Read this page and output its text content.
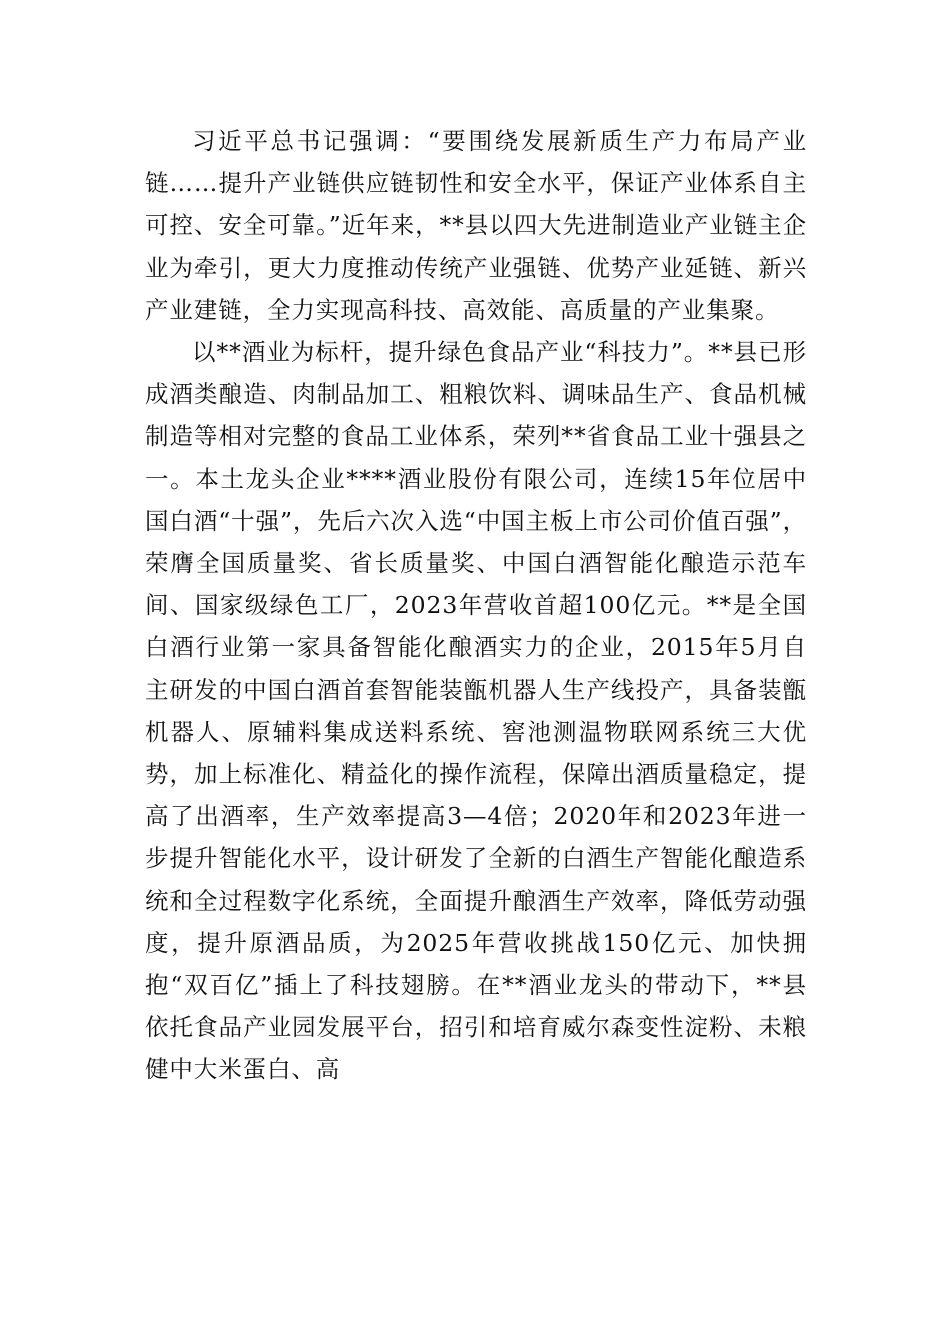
习近平总书记强调：“要围绕发展新质生产力布局产业链……提升产业链供应链韧性和安全水平，保证产业体系自主可控、安全可靠。”近年来，**县以四大先进制造业产业链主企业为牵引，更大力度推动传统产业强链、优势产业延链、新兴产业建链，全力实现高科技、高效能、高质量的产业集聚。

以**酒业为标杆，提升绿色食品产业“科技力”。**县已形成酒类酿造、肉制品加工、粗粮饮料、调味品生产、食品机械制造等相对完整的食品工业体系，荣列**省食品工业十强县之一。本土龙头企业****酒业股份有限公司，连续15年位居中国白酒“十强”，先后六次入选“中国主板上市公司价值百强”，荣膺全国质量奖、省长质量奖、中国白酒智能化酿造示范车间、国家级绿色工厂，2023年营收首超100亿元。**是全国白酒行业第一家具备智能化酿酒实力的企业，2015年5月自主研发的中国白酒首套智能装甑机器人生产线投产，具备装甑机器人、原辅料集成送料系统、窖池测温物联网系统三大优势，加上标准化、精益化的操作流程，保障出酒质量稳定，提高了出酒率，生产效率提高3—4倍；2020年和2023年进一步提升智能化水平，设计研发了全新的白酒生产智能化酿造系统和全过程数字化系统，全面提升酿酒生产效率，降低劳动强度，提升原酒品质，为2025年营收挑战150亿元、加快拥抱“双百亿”插上了科技翅膀。在**酒业龙头的带动下，**县依托食品产业园发展平台，招引和培育威尔森变性淀粉、未粮健中大米蛋白、高
